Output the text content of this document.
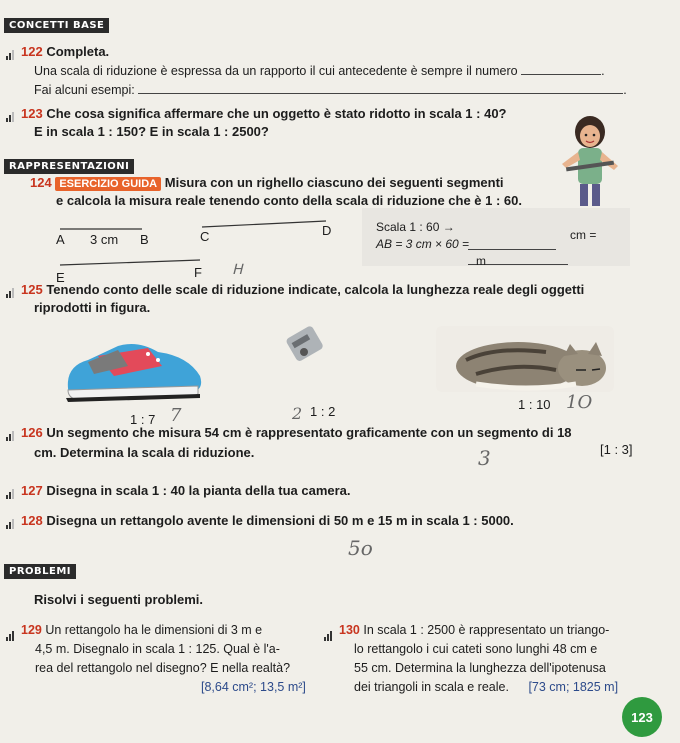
CONCETTI BASE
122 Completa.
Una scala di riduzione è espressa da un rapporto il cui antecedente è sempre il numero	.
Fai alcuni esempi:	.
123 Che cosa significa affermare che un oggetto è stato ridotto in scala 1 : 40?
E in scala 1 : 150? E in scala 1 : 2500?
RAPPRESENTAZIONI
124 ESERCIZIO GUIDA Misura con un righello ciascuno dei seguenti segmenti
e calcola la misura reale tenendo conto della scala di riduzione che è 1 : 60.
A 3 cm B	C	D
E	F ᕼ
Scala 1 : 60 →
AB = 3 cm × 60 =
cm =
m
125 Tenendo conto delle scale di riduzione indicate, calcola la lunghezza reale degli oggetti
riprodotti in figura.
1 : 7 7	1 : 2
2	1 : 10 1O
126 Un segmento che misura 54 cm è rappresentato graficamente con un segmento di 18
cm. Determina la scala di riduzione.	[1 : 3]
3
127 Disegna in scala 1 : 40 la pianta della tua camera.
128 Disegna un rettangolo avente le dimensioni di 50 m e 15 m in scala 1 : 5000.
5o
PROBLEMI
Risolvi i seguenti problemi.
129 Un rettangolo ha le dimensioni di 3 m e
4,5 m. Disegnalo in scala 1 : 125. Qual è l'a-
rea del rettangolo nel disegno? E nella realtà?
[8,64 cm²; 13,5 m²]
130 In scala 1 : 2500 è rappresentato un triango-
lo rettangolo i cui cateti sono lunghi 48 cm e
55 cm. Determina la lunghezza dell'ipotenusa
dei triangoli in scala e reale. [73 cm; 1825 m]
123
